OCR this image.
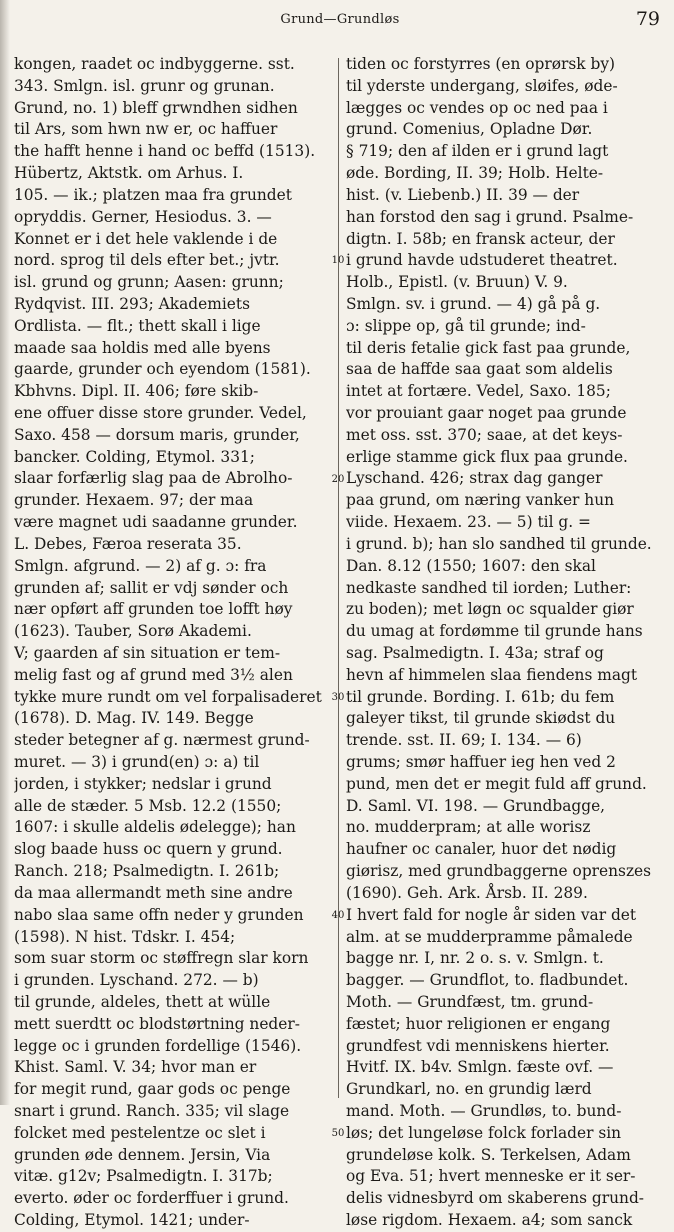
Grund—Grundløs	79
kongen, raadet oc indbyggerne. sst.
343. Smlgn. isl. grunr og grunan.
Grund, no. 1) bleff grwndhen sidhen
til Ars, som hwn nw er, oc haffuer
the hafft henne i hand oc beffd (1513).
Hübertz, Aktstk. om Arhus. I.
105. — ik.; platzen maa fra grundet
opryddis. Gerner, Hesiodus. 3. —
Konnet er i det hele vaklende i de
nord. sprog til dels efter bet.; jvtr.
isl. grund og grunn; Aasen: grunn;
Rydqvist. III. 293; Akademiets
Ordlista. — flt.; thett skall i lige
maade saa holdis med alle byens
gaarde, grunder och eyendom (1581).
Kbhvns. Dipl. II. 406; føre skib-
ene offuer disse store grunder. Vedel,
Saxo. 458 — dorsum maris, grunder,
bancker. Colding, Etymol. 331;
slaar forfærlig slag paa de Abrolho-
grunder. Hexaem. 97; der maa
være magnet udi saadanne grunder.
L. Debes, Færoa reserata 35.
Smlgn. afgrund. — 2) af g. ɔ: fra
grunden af; sallit er vdj sønder och
nær opført aff grunden toe lofft høy
(1623). Tauber, Sorø Akademi.
V; gaarden af sin situation er tem-
melig fast og af grund med 3½ alen
tykke mure rundt om vel forpalisaderet
(1678). D. Mag. IV. 149. Begge
steder betegner af g. nærmest grund-
muret. — 3) i grund(en) ɔ: a) til
jorden, i stykker; nedslar i grund
alle de stæder. 5 Msb. 12.2 (1550;
1607: i skulle aldelis ødelegge); han
slog baade huss oc quern y grund.
Ranch. 218; Psalmedigtn. I. 261b;
da maa allermandt meth sine andre
nabo slaa same offn neder y grunden
(1598). N hist. Tdskr. I. 454;
som suar storm oc støffregn slar korn
i grunden. Lyschand. 272. — b)
til grunde, aldeles, thett at wülle
mett suerdtt oc blodstørtning neder-
legge oc i grunden fordellige (1546).
Khist. Saml. V. 34; hvor man er
for megit rund, gaar gods oc penge
snart i grund. Ranch. 335; vil slage
folcket med pestelentze oc slet i
grunden øde dennem. Jersin, Via
vitæ. g12v; Psalmedigtn. I. 317b;
everto. øder oc forderffuer i grund.
Colding, Etymol. 1421; under-
10
20
30
40
50
tiden oc forstyrres (en oprørsk by)
til yderste undergang, sløifes, øde-
lægges oc vendes op oc ned paa i
grund. Comenius, Opladne Dør.
§ 719; den af ilden er i grund lagt
øde. Bording, II. 39; Holb. Helte-
hist. (v. Liebenb.) II. 39 — der
han forstod den sag i grund. Psalme-
digtn. I. 58b; en fransk acteur, der
i grund havde udstuderet theatret.
Holb., Epistl. (v. Bruun) V. 9.
Smlgn. sv. i grund. — 4) gå på g.
ɔ: slippe op, gå til grunde; ind-
til deris fetalie gick fast paa grunde,
saa de haffde saa gaat som aldelis
intet at fortære. Vedel, Saxo. 185;
vor prouiant gaar noget paa grunde
met oss. sst. 370; saae, at det keys-
erlige stamme gick flux paa grunde.
Lyschand. 426; strax dag ganger
paa grund, om næring vanker hun
viide. Hexaem. 23. — 5) til g. =
i grund. b); han slo sandhed til grunde.
Dan. 8.12 (1550; 1607: den skal
nedkaste sandhed til iorden; Luther:
zu boden); met løgn oc squalder giør
du umag at fordømme til grunde hans
sag. Psalmedigtn. I. 43a; straf og
hevn af himmelen slaa fiendens magt
til grunde. Bording. I. 61b; du fem
galeyer tikst, til grunde skiødst du
trende. sst. II. 69; I. 134. — 6)
grums; smør haffuer ieg hen ved 2
pund, men det er megit fuld aff grund.
D. Saml. VI. 198. — Grundbagge,
no. mudderpram; at alle worisz
haufner oc canaler, huor det nødig
giørisz, med grundbaggerne oprenszes
(1690). Geh. Ark. Årsb. II. 289.
I hvert fald for nogle år siden var det
alm. at se mudderpramme påmalede
bagge nr. I, nr. 2 o. s. v. Smlgn. t.
bagger. — Grundflot, to. fladbundet.
Moth. — Grundfæst, tm. grund-
fæstet; huor religionen er engang
grundfest vdi menniskens hierter.
Hvitf. IX. b4v. Smlgn. fæste ovf. —
Grundkarl, no. en grundig lærd
mand. Moth. — Grundløs, to. bund-
løs; det lungeløse folck forlader sin
grundeløse kolk. S. Terkelsen, Adam
og Eva. 51; hvert menneske er it ser-
delis vidnesbyrd om skaberens grund-
løse rigdom. Hexaem. a4; som sanck
